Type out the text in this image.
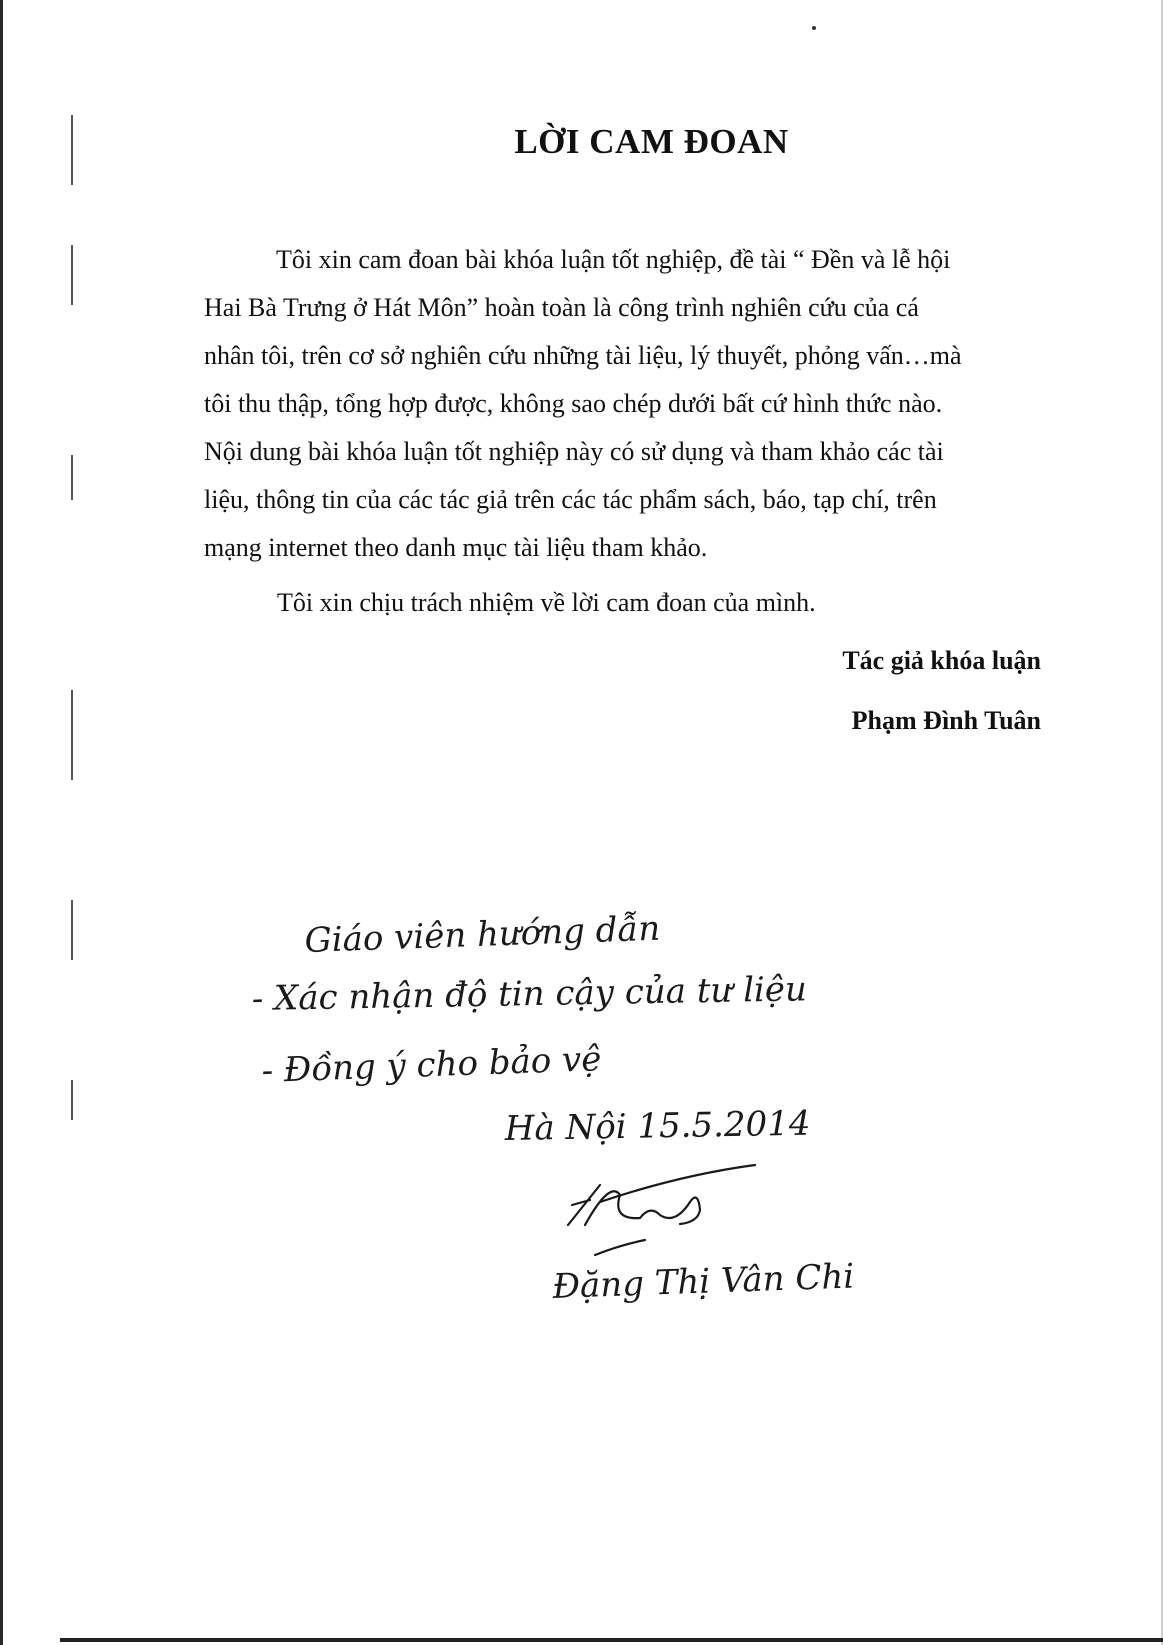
LỜI CAM ĐOAN
Tôi xin cam đoan bài khóa luận tốt nghiệp, đề tài “ Đền và lễ hội
Hai Bà Trưng ở Hát Môn” hoàn toàn là công trình nghiên cứu của cá
nhân tôi, trên cơ sở nghiên cứu những tài liệu, lý thuyết, phỏng vấn…mà
tôi thu thập, tổng hợp được, không sao chép dưới bất cứ hình thức nào.
Nội dung bài khóa luận tốt nghiệp này có sử dụng và tham khảo các tài
liệu, thông tin của các tác giả trên các tác phẩm sách, báo, tạp chí, trên
mạng internet theo danh mục tài liệu tham khảo.
Tôi xin chịu trách nhiệm về lời cam đoan của mình.
Tác giả khóa luận
Phạm Đình Tuân
Giáo viên hướng dẫn
- Xác nhận độ tin cậy của tư liệu
- Đồng ý cho bảo vệ
Hà Nội 15.5.2014
Đặng Thị Vân Chi
